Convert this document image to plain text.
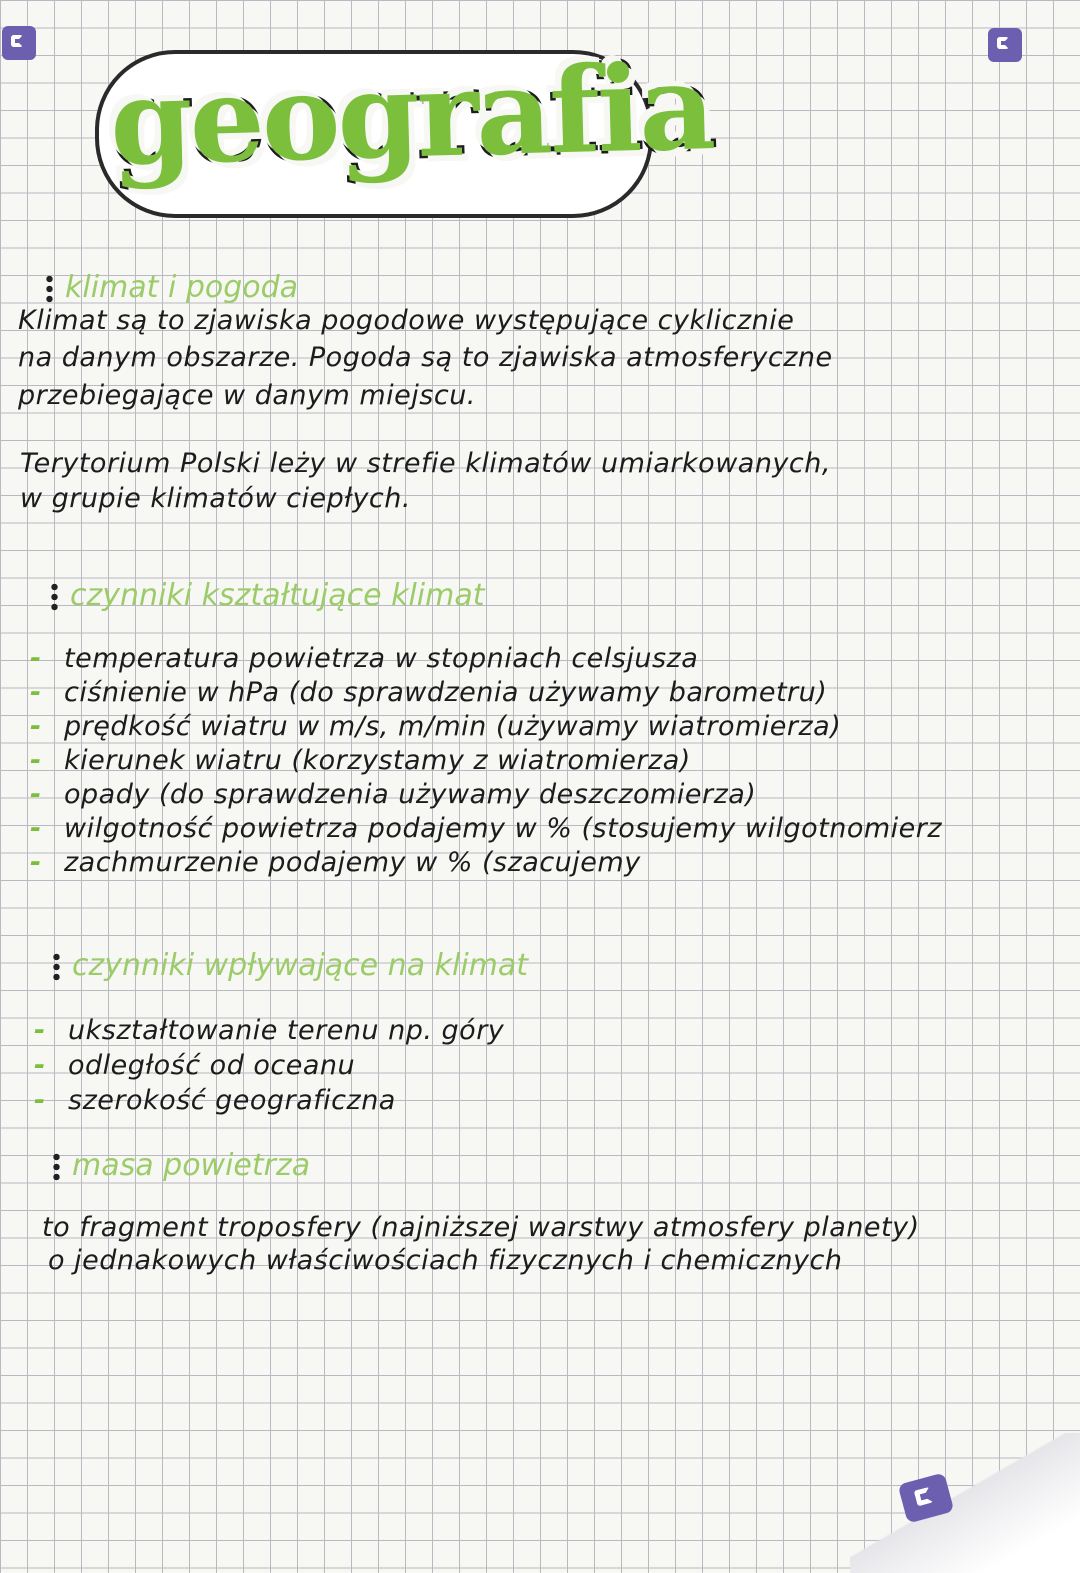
geografia
klimat i pogoda
Klimat są to zjawiska pogodowe występujące cyklicznie
na danym obszarze. Pogoda są to zjawiska atmosferyczne
przebiegające w danym miejscu.
Terytorium Polski leży w strefie klimatów umiarkowanych,
w grupie klimatów ciepłych.
czynniki kształtujące klimat
- temperatura powietrza w stopniach celsjusza
- ciśnienie w hPa (do sprawdzenia używamy barometru)
- prędkość wiatru w m/s, m/min (używamy wiatromierza)
- kierunek wiatru (korzystamy z wiatromierza)
- opady (do sprawdzenia używamy deszczomierza)
- wilgotność powietrza podajemy w % (stosujemy wilgotnomierz
- zachmurzenie podajemy w % (szacujemy
czynniki wpływające na klimat
- ukształtowanie terenu np. góry
- odległość od oceanu
- szerokość geograficzna
masa powietrza
to fragment troposfery (najniższej warstwy atmosfery planety)
o jednakowych właściwościach fizycznych i chemicznych
